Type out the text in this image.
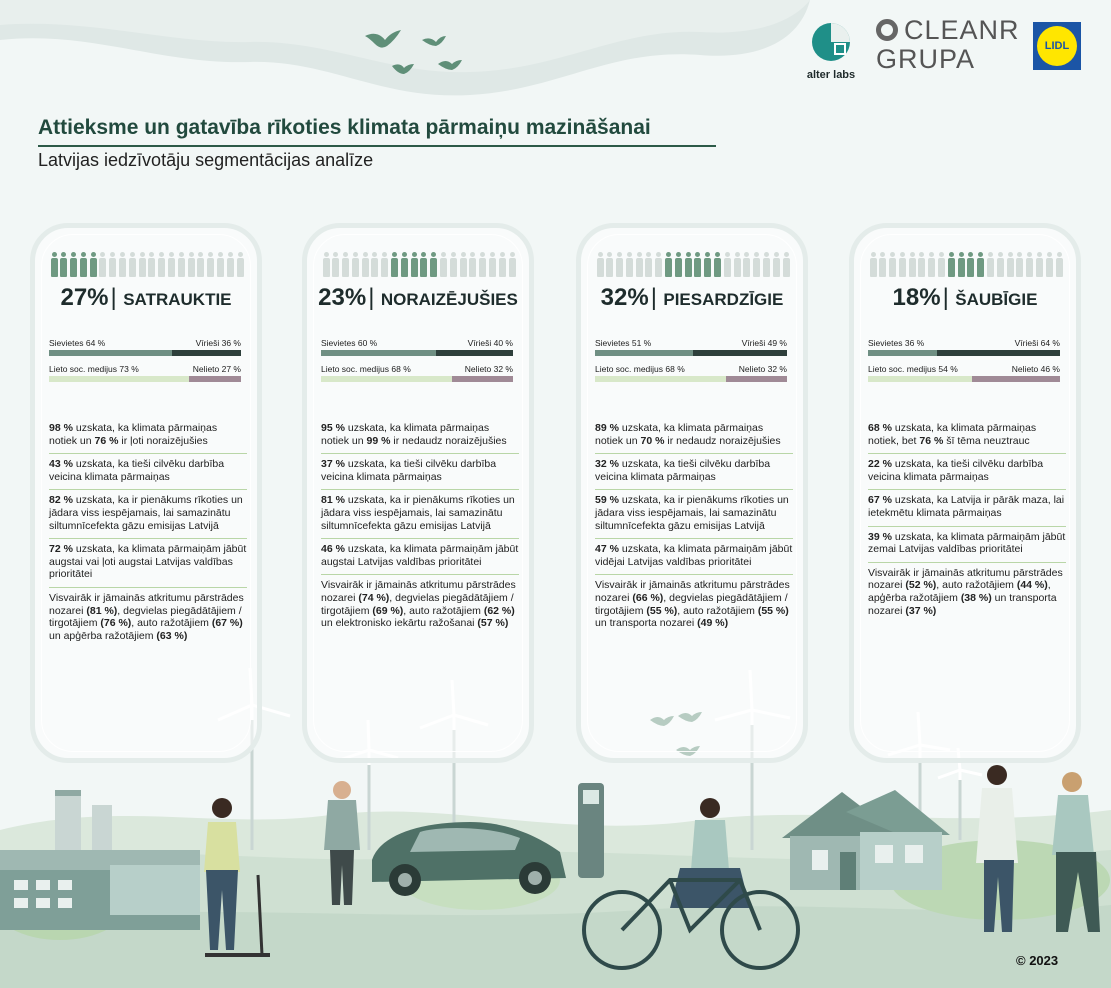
alter labs
CLEANR
GRUPA	LIDL
Attieksme un gatavība rīkoties klimata pārmaiņu mazināšanai
Latvijas iedzīvotāju segmentācijas analīze
27%| SATRAUKTIE
Sievietes 64 %	Vīrieši 36 %
Lieto soc. medijus 73 %	Nelieto 27 %
98 % uzskata, ka klimata pārmaiņas notiek un 76 % ir ļoti noraizējušies
43 % uzskata, ka tieši cilvēku darbība veicina klimata pārmaiņas
82 % uzskata, ka ir pienākums rīkoties un jādara viss iespējamais, lai samazinātu siltumnīcefekta gāzu emisijas Latvijā
72 % uzskata, ka klimata pārmaiņām jābūt augstai vai ļoti augstai Latvijas valdības prioritātei
Visvairāk ir jāmainās atkritumu pārstrādes nozarei (81 %), degvielas piegādātājiem / tirgotājiem (76 %), auto ražotājiem (67 %) un apģērba ražotājiem (63 %)
23%| NORAIZĒJUŠIES
Sievietes 60 %	Vīrieši 40 %
Lieto soc. medijus 68 %	Nelieto 32 %
95 % uzskata, ka klimata pārmaiņas notiek un 99 % ir nedaudz noraizējušies
37 % uzskata, ka tieši cilvēku darbība veicina klimata pārmaiņas
81 % uzskata, ka ir pienākums rīkoties un jādara viss iespējamais, lai samazinātu siltumnīcefekta gāzu emisijas Latvijā
46 % uzskata, ka klimata pārmaiņām jābūt augstai Latvijas valdības prioritātei
Visvairāk ir jāmainās atkritumu pārstrādes nozarei (74 %), degvielas piegādātājiem / tirgotājiem (69 %), auto ražotājiem (62 %) un elektronisko iekārtu ražošanai (57 %)
32%| PIESARDZĪGIE
Sievietes 51 %	Vīrieši 49 %
Lieto soc. medijus 68 %	Nelieto 32 %
89 % uzskata, ka klimata pārmaiņas notiek un 70 % ir nedaudz noraizējušies
32 % uzskata, ka tieši cilvēku darbība veicina klimata pārmaiņas
59 % uzskata, ka ir pienākums rīkoties un jādara viss iespējamais, lai samazinātu siltumnīcefekta gāzu emisijas Latvijā
47 % uzskata, ka klimata pārmaiņām jābūt vidējai Latvijas valdības prioritātei
Visvairāk ir jāmainās atkritumu pārstrādes nozarei (66 %), degvielas piegādātājiem / tirgotājiem (55 %), auto ražotājiem (55 %) un transporta nozarei (49 %)
18%| ŠAUBĪGIE
Sievietes 36 %	Vīrieši 64 %
Lieto soc. medijus 54 %	Nelieto 46 %
68 % uzskata, ka klimata pārmaiņas notiek, bet 76 % šī tēma neuztrauc
22 % uzskata, ka tieši cilvēku darbība veicina klimata pārmaiņas
67 % uzskata, ka Latvija ir pārāk maza, lai ietekmētu klimata pārmaiņas
39 % uzskata, ka klimata pārmaiņām jābūt zemai Latvijas valdības prioritātei
Visvairāk ir jāmainās atkritumu pārstrādes nozarei (52 %), auto ražotājiem (44 %), apģērba ražotājiem (38 %) un transporta nozarei (37 %)
© 2023
